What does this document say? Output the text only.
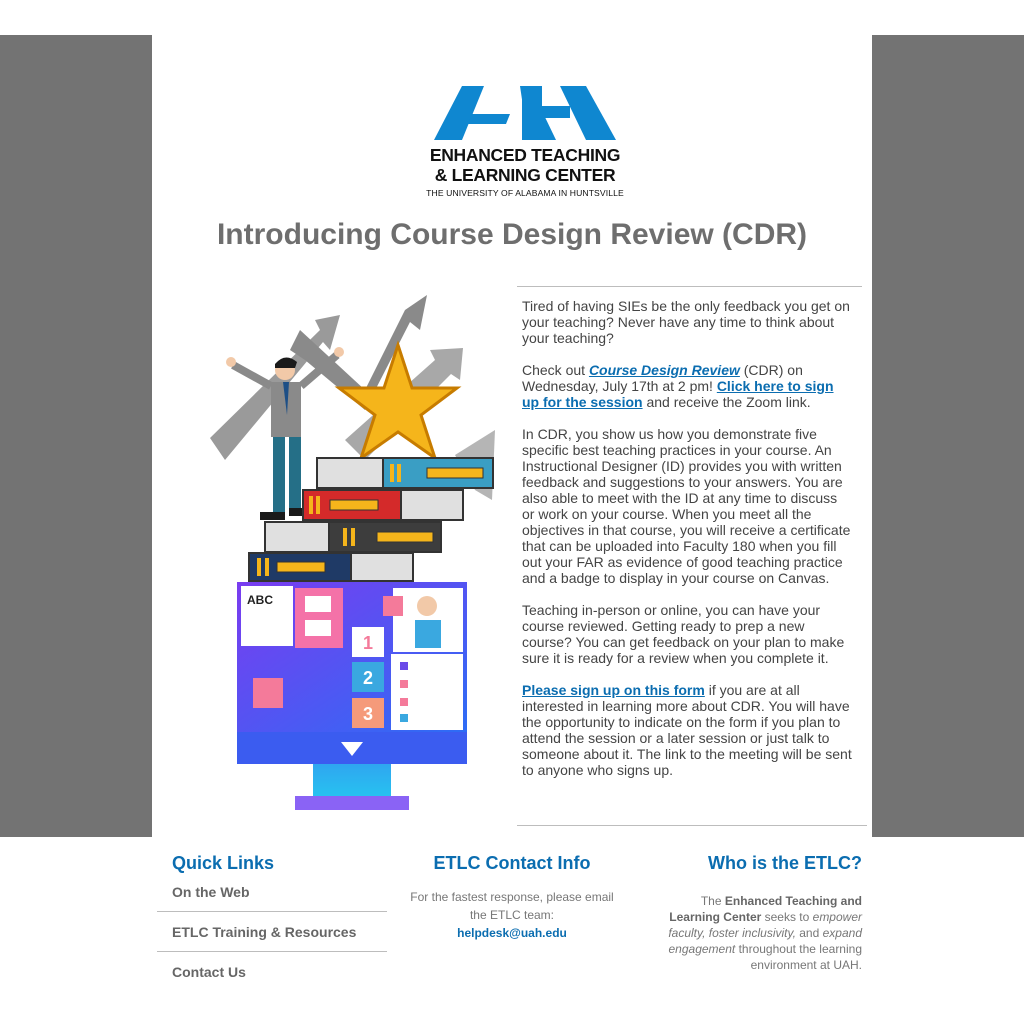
ENHANCED TEACHING
& LEARNING CENTER
THE UNIVERSITY OF ALABAMA IN HUNTSVILLE
Introducing Course Design Review (CDR)
ABC
1
2
3

Tired of having SIEs be the only feedback you get on your teaching? Never have any time to think about your teaching?

Check out Course Design Review (CDR) on Wednesday, July 17th at 2 pm! Click here to sign up for the session and receive the Zoom link.

In CDR, you show us how you demonstrate five specific best teaching practices in your course. An Instructional Designer (ID) provides you with written feedback and suggestions to your answers. You are also able to meet with the ID at any time to discuss or work on your course. When you meet all the objectives in that course, you will receive a certificate that can be uploaded into Faculty 180 when you fill out your FAR as evidence of good teaching practice and a badge to display in your course on Canvas.

Teaching in-person or online, you can have your course reviewed. Getting ready to prep a new course? You can get feedback on your plan to make sure it is ready for a review when you complete it.

Please sign up on this form if you are at all interested in learning more about CDR. You will have the opportunity to indicate on the form if you plan to attend the session or a later session or just talk to someone about it. The link to the meeting will be sent to anyone who signs up.

Quick Links
On the Web
ETLC Training & Resources
Contact Us
ETLC Contact Info
For the fastest response, please email
the ETLC team:
helpdesk@uah.edu
Who is the ETLC?
The Enhanced Teaching and Learning Center seeks to empower faculty, foster inclusivity, and expand engagement throughout the learning environment at UAH.
